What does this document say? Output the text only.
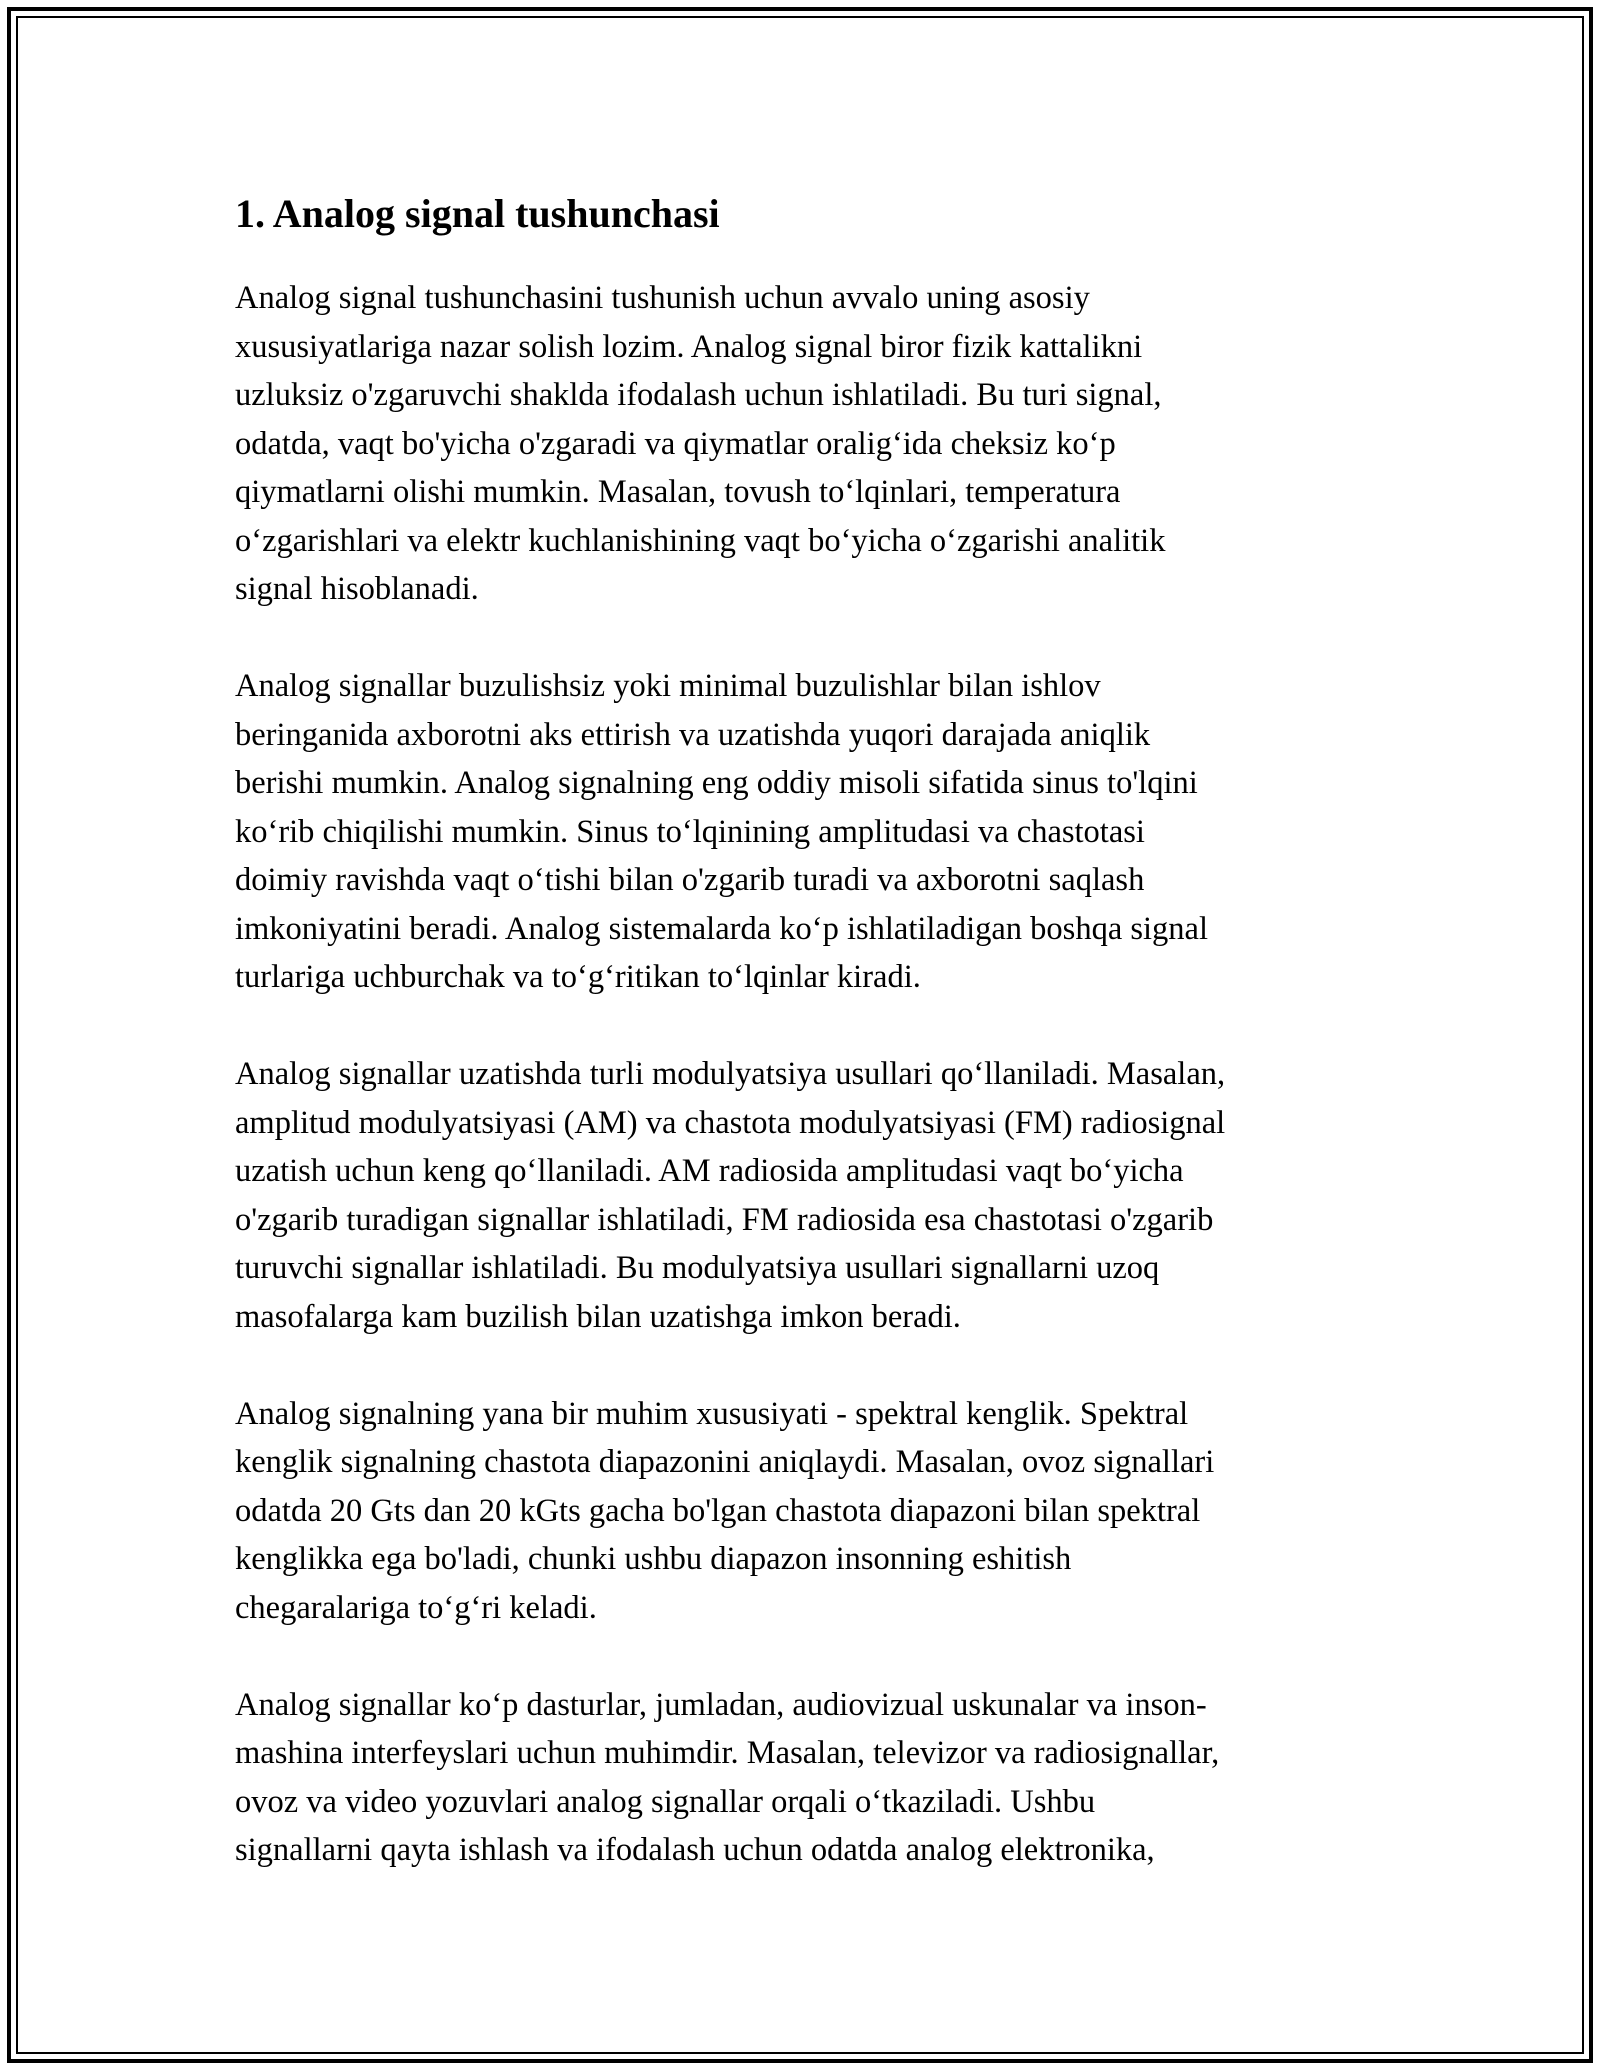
1. Analog signal tushunchasi

Analog signal tushunchasini tushunish uchun avvalo uning asosiy
xususiyatlariga nazar solish lozim. Analog signal biror fizik kattalikni
uzluksiz o'zgaruvchi shaklda ifodalash uchun ishlatiladi. Bu turi signal,
odatda, vaqt bo'yicha o'zgaradi va qiymatlar oralig‘ida cheksiz ko‘p
qiymatlarni olishi mumkin. Masalan, tovush to‘lqinlari, temperatura
o‘zgarishlari va elektr kuchlanishining vaqt bo‘yicha o‘zgarishi analitik
signal hisoblanadi.

Analog signallar buzulishsiz yoki minimal buzulishlar bilan ishlov
beringanida axborotni aks ettirish va uzatishda yuqori darajada aniqlik
berishi mumkin. Analog signalning eng oddiy misoli sifatida sinus to'lqini
ko‘rib chiqilishi mumkin. Sinus to‘lqinining amplitudasi va chastotasi
doimiy ravishda vaqt o‘tishi bilan o'zgarib turadi va axborotni saqlash
imkoniyatini beradi. Analog sistemalarda ko‘p ishlatiladigan boshqa signal
turlariga uchburchak va to‘g‘ritikan to‘lqinlar kiradi.

Analog signallar uzatishda turli modulyatsiya usullari qo‘llaniladi. Masalan,
amplitud modulyatsiyasi (AM) va chastota modulyatsiyasi (FM) radiosignal
uzatish uchun keng qo‘llaniladi. AM radiosida amplitudasi vaqt bo‘yicha
o'zgarib turadigan signallar ishlatiladi, FM radiosida esa chastotasi o'zgarib
turuvchi signallar ishlatiladi. Bu modulyatsiya usullari signallarni uzoq
masofalarga kam buzilish bilan uzatishga imkon beradi.

Analog signalning yana bir muhim xususiyati - spektral kenglik. Spektral
kenglik signalning chastota diapazonini aniqlaydi. Masalan, ovoz signallari
odatda 20 Gts dan 20 kGts gacha bo'lgan chastota diapazoni bilan spektral
kenglikka ega bo'ladi, chunki ushbu diapazon insonning eshitish
chegaralariga to‘g‘ri keladi.

Analog signallar ko‘p dasturlar, jumladan, audiovizual uskunalar va inson-
mashina interfeyslari uchun muhimdir. Masalan, televizor va radiosignallar,
ovoz va video yozuvlari analog signallar orqali o‘tkaziladi. Ushbu
signallarni qayta ishlash va ifodalash uchun odatda analog elektronika,
